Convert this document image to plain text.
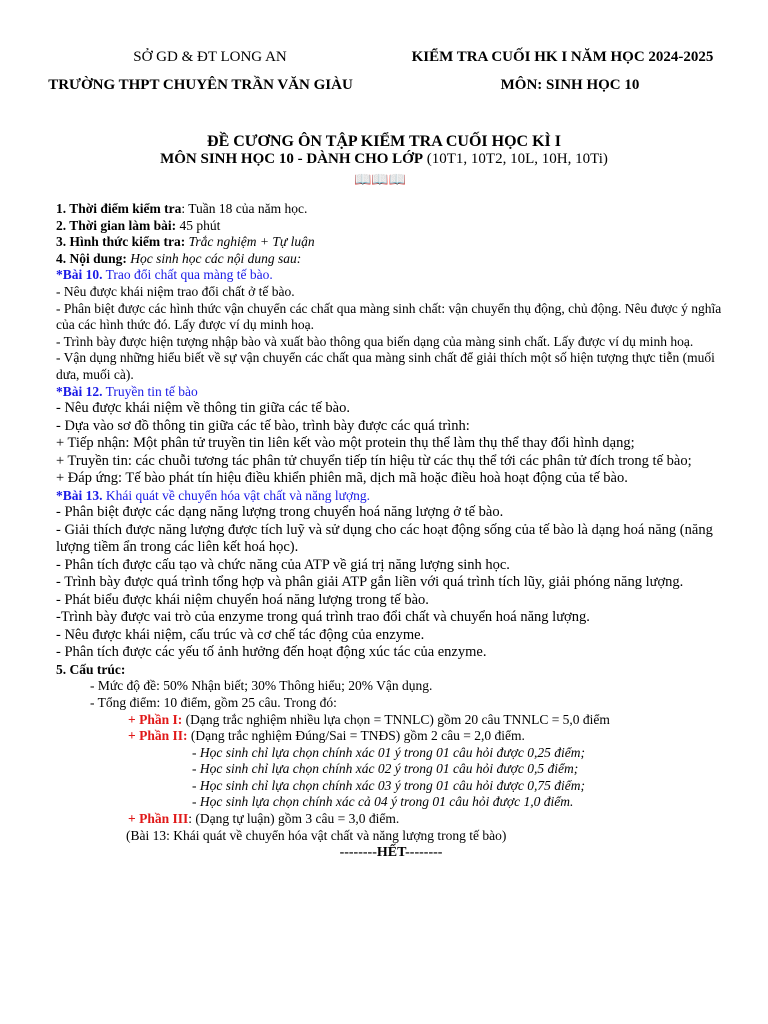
SỞ GD & ĐT LONG AN
TRƯỜNG THPT CHUYÊN TRẦN VĂN GIÀU
KIỂM TRA CUỐI HK I NĂM HỌC 2024-2025
MÔN: SINH HỌC 10
ĐỀ CƯƠNG ÔN TẬP KIỂM TRA CUỐI HỌC KÌ I
MÔN SINH HỌC 10 - DÀNH CHO LỚP (10T1, 10T2, 10L, 10H, 10Ti)
📖📖📖

1. Thời điểm kiểm tra: Tuần 18 của năm học.

2. Thời gian làm bài: 45 phút

3. Hình thức kiểm tra: Trắc nghiệm + Tự luận

4. Nội dung: Học sinh học các nội dung sau:

*Bài 10. Trao đổi chất qua màng tế bào.

- Nêu được khái niệm trao đổi chất ở tế bào.

- Phân biệt được các hình thức vận chuyển các chất qua màng sinh chất: vận chuyển thụ động, chủ động. Nêu được ý nghĩa của các hình thức đó. Lấy được ví dụ minh hoạ.

- Trình bày được hiện tượng nhập bào và xuất bào thông qua biến dạng của màng sinh chất. Lấy được ví dụ minh hoạ.

- Vận dụng những hiểu biết về sự vận chuyển các chất qua màng sinh chất để giải thích một số hiện tượng thực tiễn (muối dưa, muối cà).

*Bài 12. Truyền tin tế bào

- Nêu được khái niệm về thông tin giữa các tế bào.

- Dựa vào sơ đồ thông tin giữa các tế bào, trình bày được các quá trình:

+ Tiếp nhận: Một phân tử truyền tin liên kết vào một protein thụ thể làm thụ thể thay đổi hình dạng;

+ Truyền tin: các chuỗi tương tác phân tử chuyển tiếp tín hiệu từ các thụ thể tới các phân tử đích trong tế bào;

+ Đáp ứng: Tế bào phát tín hiệu điều khiển phiên mã, dịch mã hoặc điều hoà hoạt động của tế bào.

*Bài 13. Khái quát về chuyển hóa vật chất và năng lượng.

- Phân biệt được các dạng năng lượng trong chuyển hoá năng lượng ở tế bào.

- Giải thích được năng lượng được tích luỹ và sử dụng cho các hoạt động sống của tế bào là dạng hoá năng (năng lượng tiềm ẩn trong các liên kết hoá học).

- Phân tích được cấu tạo và chức năng của ATP về giá trị năng lượng sinh học.

- Trình bày được quá trình tổng hợp và phân giải ATP gắn liền với quá trình tích lũy, giải phóng năng lượng.

- Phát biểu được khái niệm chuyển hoá năng lượng trong tế bào.

-Trình bày được vai trò của enzyme trong quá trình trao đổi chất và chuyển hoá năng lượng.

- Nêu được khái niệm, cấu trúc và cơ chế tác động của enzyme.

- Phân tích được các yếu tố ảnh hưởng đến hoạt động xúc tác của enzyme.

5. Cấu trúc:

- Mức độ đề: 50% Nhận biết; 30% Thông hiểu; 20% Vận dụng.

- Tổng điểm: 10 điểm, gồm 25 câu. Trong đó:

+ Phần I: (Dạng trắc nghiệm nhiều lựa chọn = TNNLC) gồm 20 câu TNNLC = 5,0 điểm

+ Phần II: (Dạng trắc nghiệm Đúng/Sai = TNĐS) gồm 2 câu = 2,0 điểm.

- Học sinh chỉ lựa chọn chính xác 01 ý trong 01 câu hỏi được 0,25 điểm;

- Học sinh chỉ lựa chọn chính xác 02 ý trong 01 câu hỏi được 0,5 điểm;

- Học sinh chỉ lựa chọn chính xác 03 ý trong 01 câu hỏi được 0,75 điểm;

- Học sinh lựa chọn chính xác cả 04 ý trong 01 câu hỏi được 1,0 điểm.

+ Phần III: (Dạng tự luận) gồm 3 câu = 3,0 điểm.

(Bài 13: Khái quát về chuyển hóa vật chất và năng lượng trong tế bào)

--------HẾT--------
